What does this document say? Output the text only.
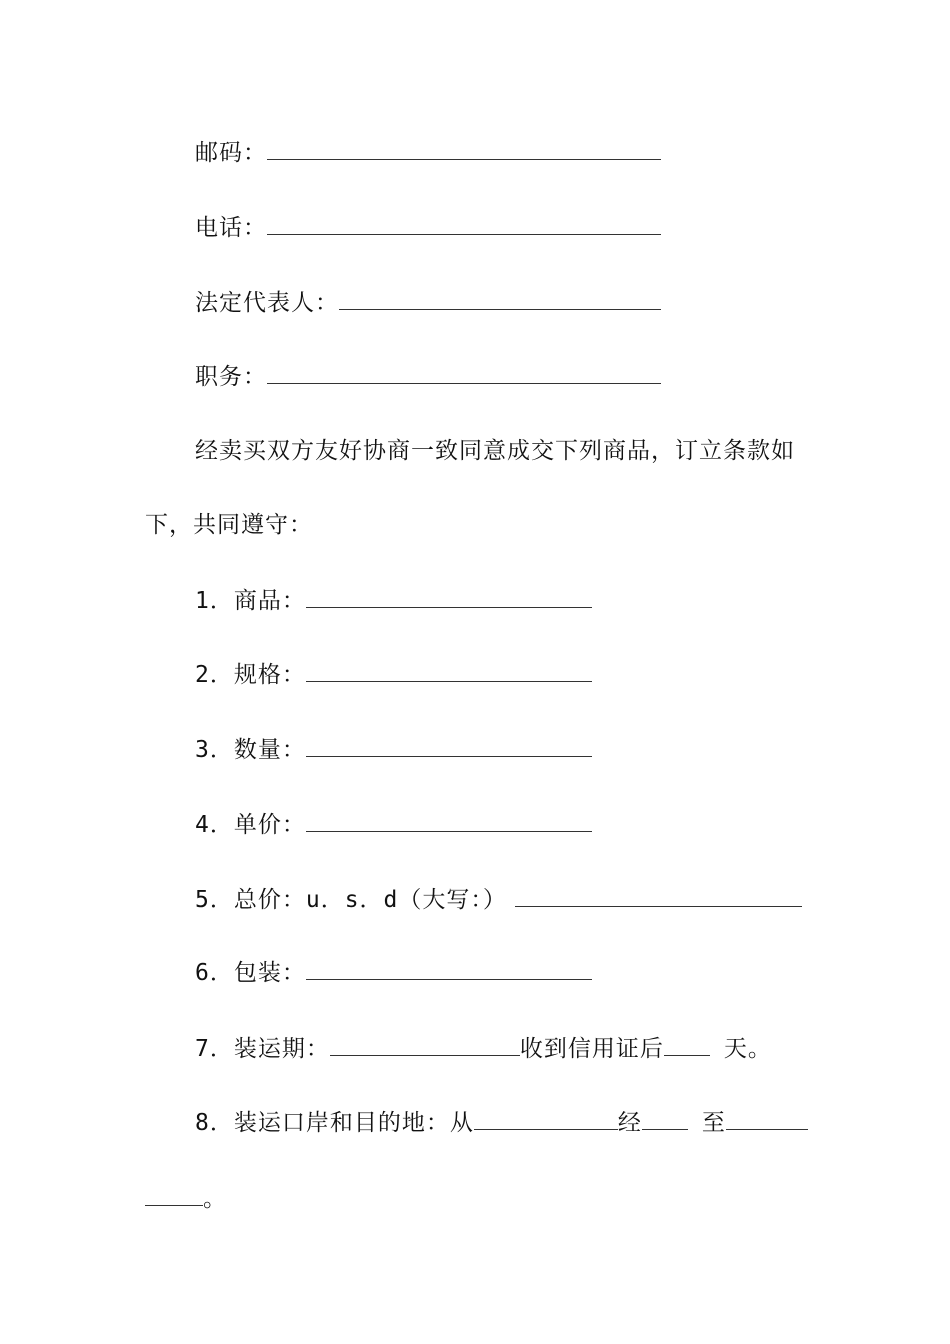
邮码：
电话：
法定代表人：
职务：
经卖买双方友好协商一致同意成交下列商品，订立条款如
下，共同遵守：
1．商品：
2．规格：
3．数量：
4．单价：
5．总价：u．s．d（大写：）
6．包装：
7．装运期：	收到信用证后	天。
8．装运口岸和目的地：从	经	至
。
